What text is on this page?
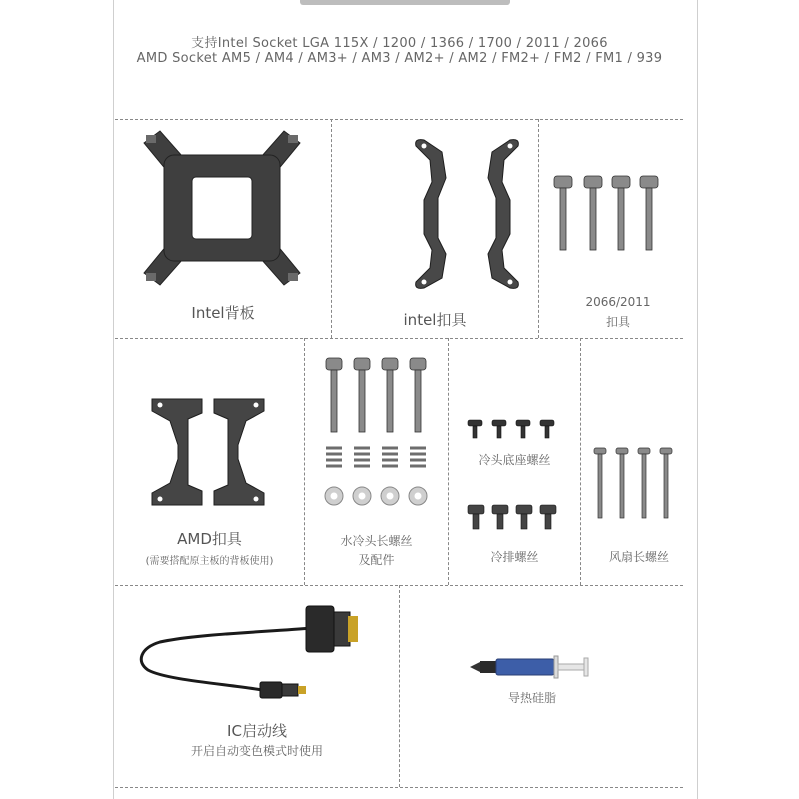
支持Intel Socket LGA 115X / 1200 / 1366 / 1700 / 2011 / 2066
AMD Socket AM5 / AM4 / AM3+ / AM3 / AM2+ / AM2 / FM2+ / FM2 / FM1 / 939
Intel背板	intel扣具
2066/2011
扣具
AMD扣具
(需要搭配原主板的背板使用)
水冷头长螺丝
及配件
冷头底座螺丝
冷排螺丝	风扇长螺丝
IC启动线
开启自动变色模式时使用
导热硅脂
